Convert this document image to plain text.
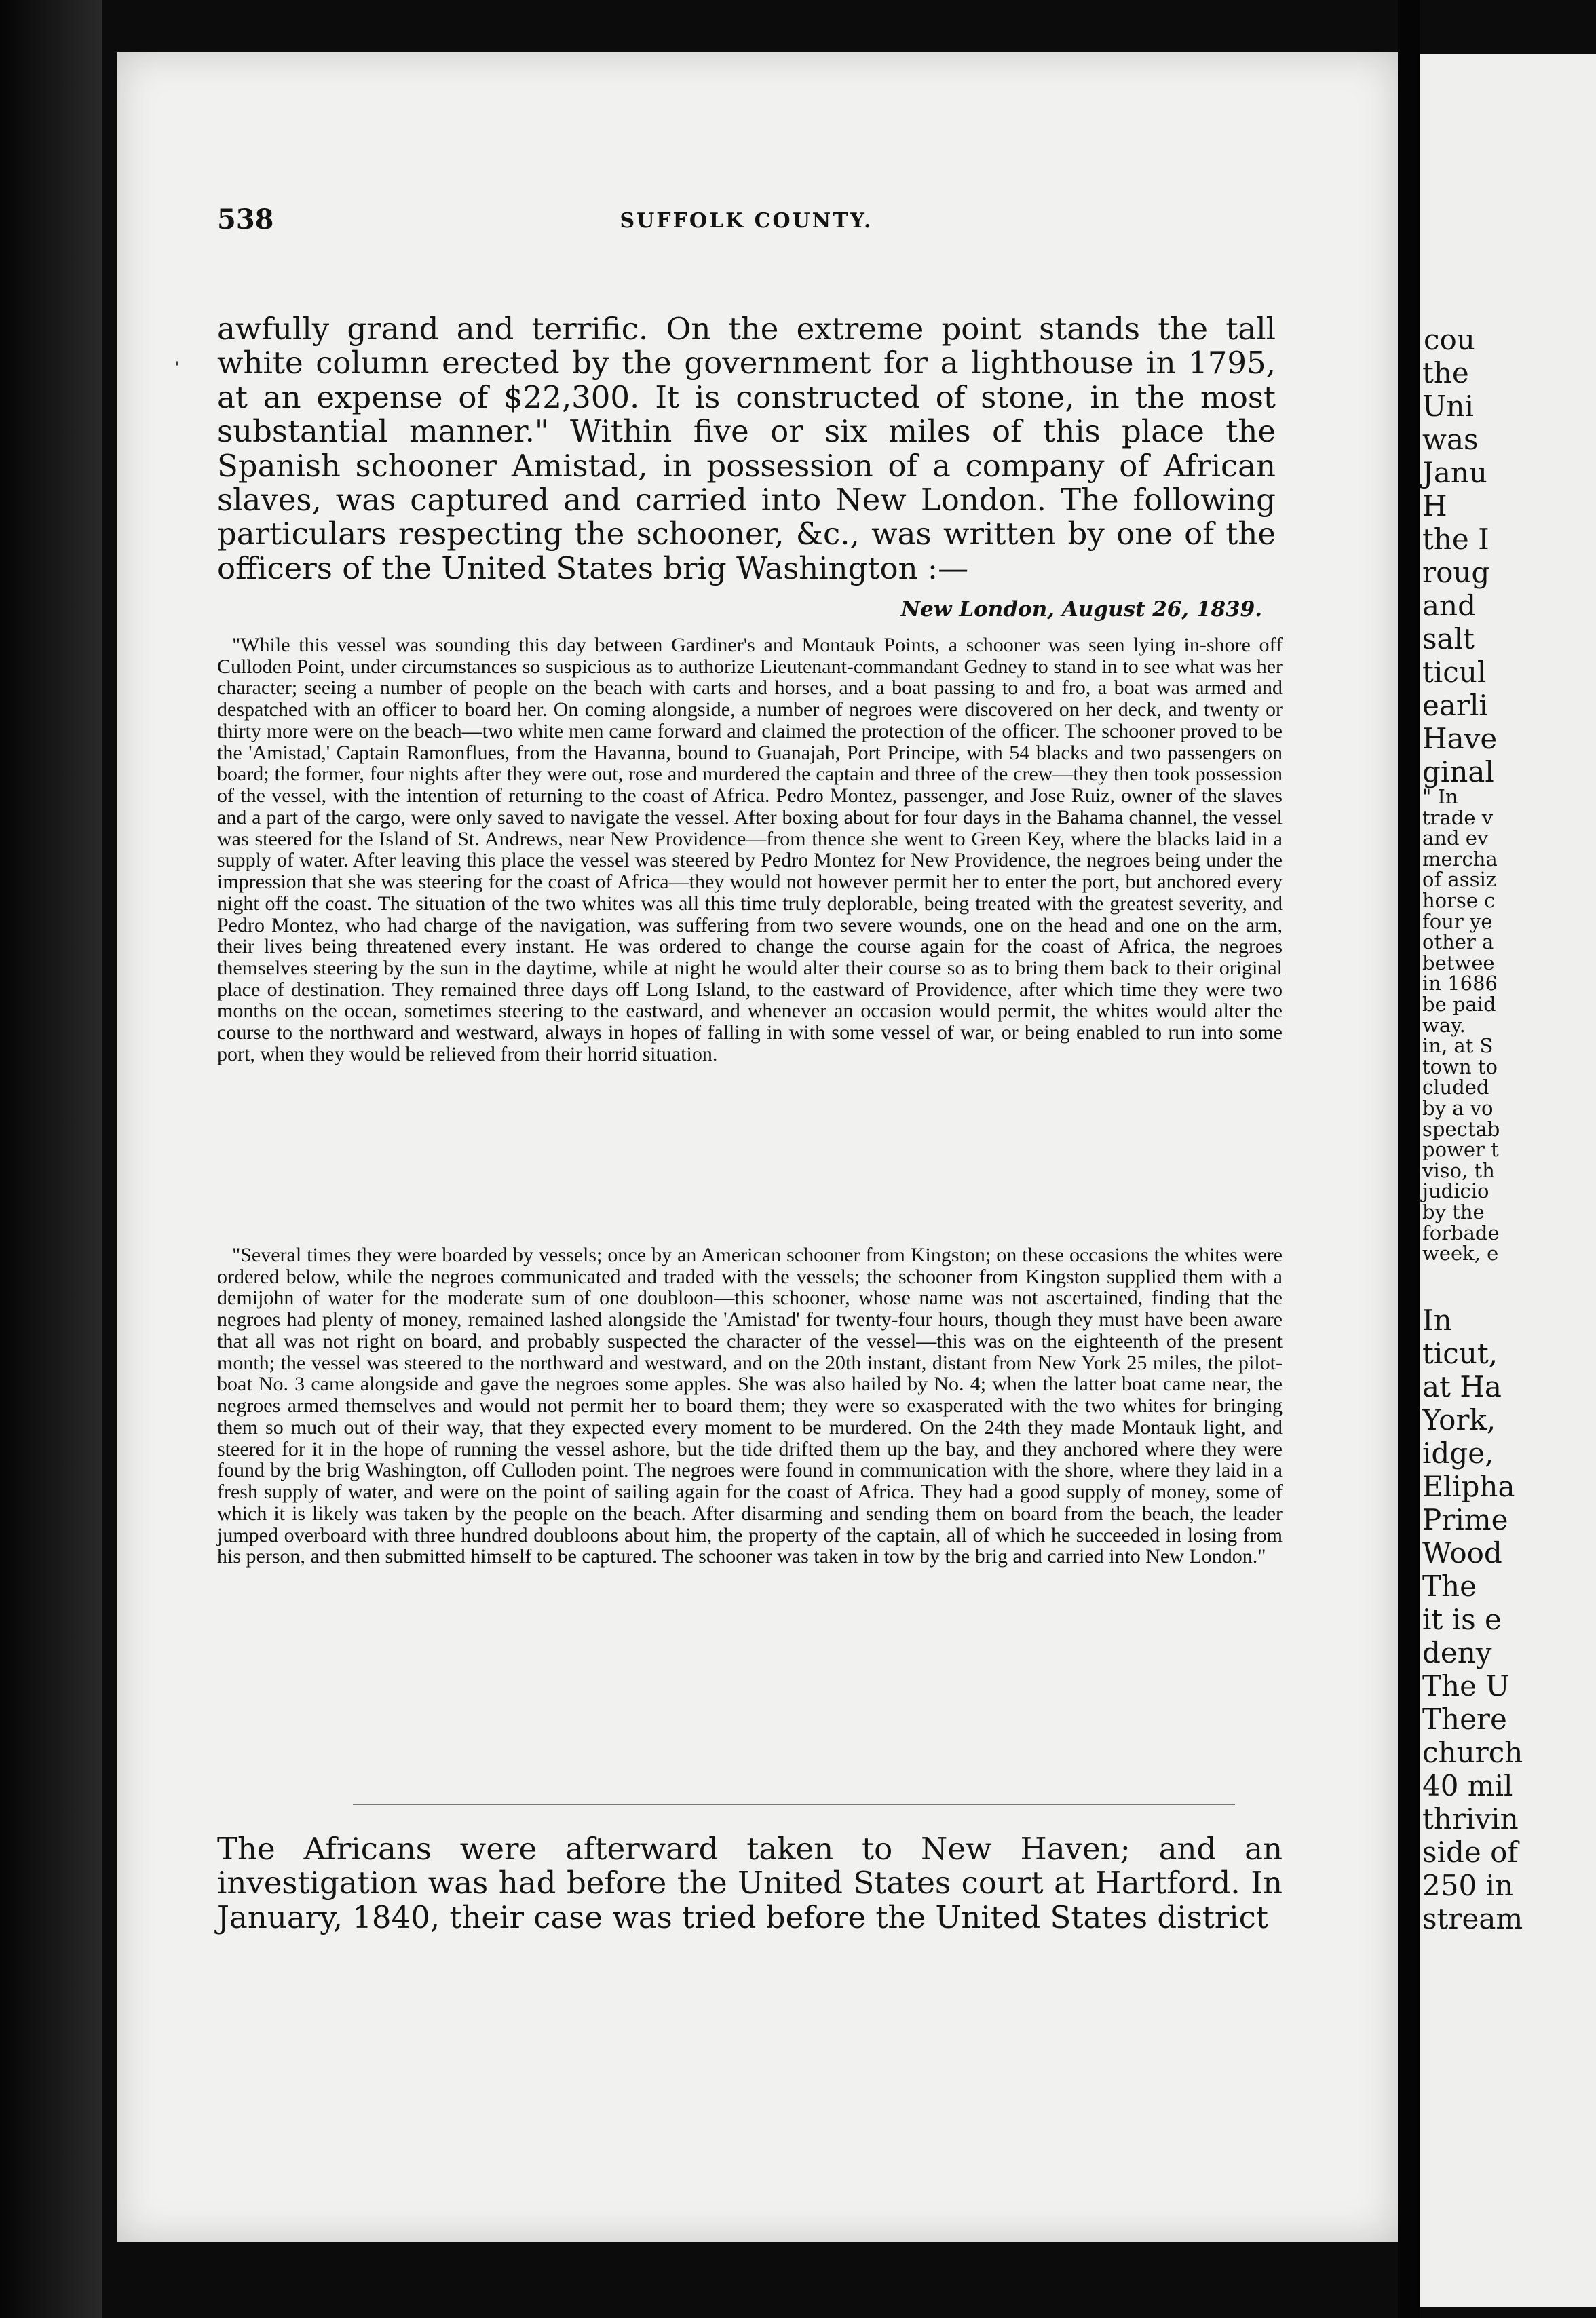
538	SUFFOLK COUNTY.
'

awfully grand and terrific. On the extreme point stands the tall white column erected by the government for a lighthouse in 1795, at an expense of $22,300. It is constructed of stone, in the most substantial manner." Within five or six miles of this place the Spanish schooner Amistad, in possession of a company of African slaves, was captured and carried into New London. The following particulars respecting the schooner, &c., was written by one of the officers of the United States brig Washington :—

New London, August 26, 1839.

"While this vessel was sounding this day between Gardiner's and Montauk Points, a schooner was seen lying in-shore off Culloden Point, under circumstances so suspicious as to authorize Lieutenant-commandant Gedney to stand in to see what was her character; seeing a number of people on the beach with carts and horses, and a boat passing to and fro, a boat was armed and despatched with an officer to board her. On coming alongside, a number of negroes were discovered on her deck, and twenty or thirty more were on the beach—two white men came forward and claimed the protection of the officer. The schooner proved to be the 'Amistad,' Captain Ramonflues, from the Havanna, bound to Guanajah, Port Principe, with 54 blacks and two passengers on board; the former, four nights after they were out, rose and murdered the captain and three of the crew—they then took possession of the vessel, with the intention of returning to the coast of Africa. Pedro Montez, passenger, and Jose Ruiz, owner of the slaves and a part of the cargo, were only saved to navigate the vessel. After boxing about for four days in the Bahama channel, the vessel was steered for the Island of St. Andrews, near New Providence—from thence she went to Green Key, where the blacks laid in a supply of water. After leaving this place the vessel was steered by Pedro Montez for New Providence, the negroes being under the impression that she was steering for the coast of Africa—they would not however permit her to enter the port, but anchored every night off the coast. The situation of the two whites was all this time truly deplorable, being treated with the greatest severity, and Pedro Montez, who had charge of the navigation, was suffering from two severe wounds, one on the head and one on the arm, their lives being threatened every instant. He was ordered to change the course again for the coast of Africa, the negroes themselves steering by the sun in the daytime, while at night he would alter their course so as to bring them back to their original place of destination. They remained three days off Long Island, to the eastward of Providence, after which time they were two months on the ocean, sometimes steering to the eastward, and whenever an occasion would permit, the whites would alter the course to the northward and westward, always in hopes of falling in with some vessel of war, or being enabled to run into some port, when they would be relieved from their horrid situation.

"Several times they were boarded by vessels; once by an American schooner from Kingston; on these occasions the whites were ordered below, while the negroes communicated and traded with the vessels; the schooner from Kingston supplied them with a demijohn of water for the moderate sum of one doubloon—this schooner, whose name was not ascertained, finding that the negroes had plenty of money, remained lashed alongside the 'Amistad' for twenty-four hours, though they must have been aware that all was not right on board, and probably suspected the character of the vessel—this was on the eighteenth of the present month; the vessel was steered to the northward and westward, and on the 20th instant, distant from New York 25 miles, the pilot-boat No. 3 came alongside and gave the negroes some apples. She was also hailed by No. 4; when the latter boat came near, the negroes armed themselves and would not permit her to board them; they were so exasperated with the two whites for bringing them so much out of their way, that they expected every moment to be murdered. On the 24th they made Montauk light, and steered for it in the hope of running the vessel ashore, but the tide drifted them up the bay, and they anchored where they were found by the brig Washington, off Culloden point. The negroes were found in communication with the shore, where they laid in a fresh supply of water, and were on the point of sailing again for the coast of Africa. They had a good supply of money, some of which it is likely was taken by the people on the beach. After disarming and sending them on board from the beach, the leader jumped overboard with three hundred doubloons about him, the property of the captain, all of which he succeeded in losing from his person, and then submitted himself to be captured. The schooner was taken in tow by the brig and carried into New London."

The Africans were afterward taken to New Haven; and an investigation was had before the United States court at Hartford. In January, 1840, their case was tried before the United States district

cou
the
Uni
was
Janu
H
the I
roug
and
salt
ticul
earli
Have
ginal
" In
trade v
and ev
mercha
of assiz
horse c
four ye
other a
betwee
in 1686
be paid
way.
in, at S
town to
cluded
by a vo
spectab
power t
viso, th
judicio
by the
forbade
week, e
In
ticut,
at Ha
York,
idge,
Elipha
Prime
Wood
The
it is e
deny
The U
There
church
40 mil
thrivin
side of
250 in
stream
